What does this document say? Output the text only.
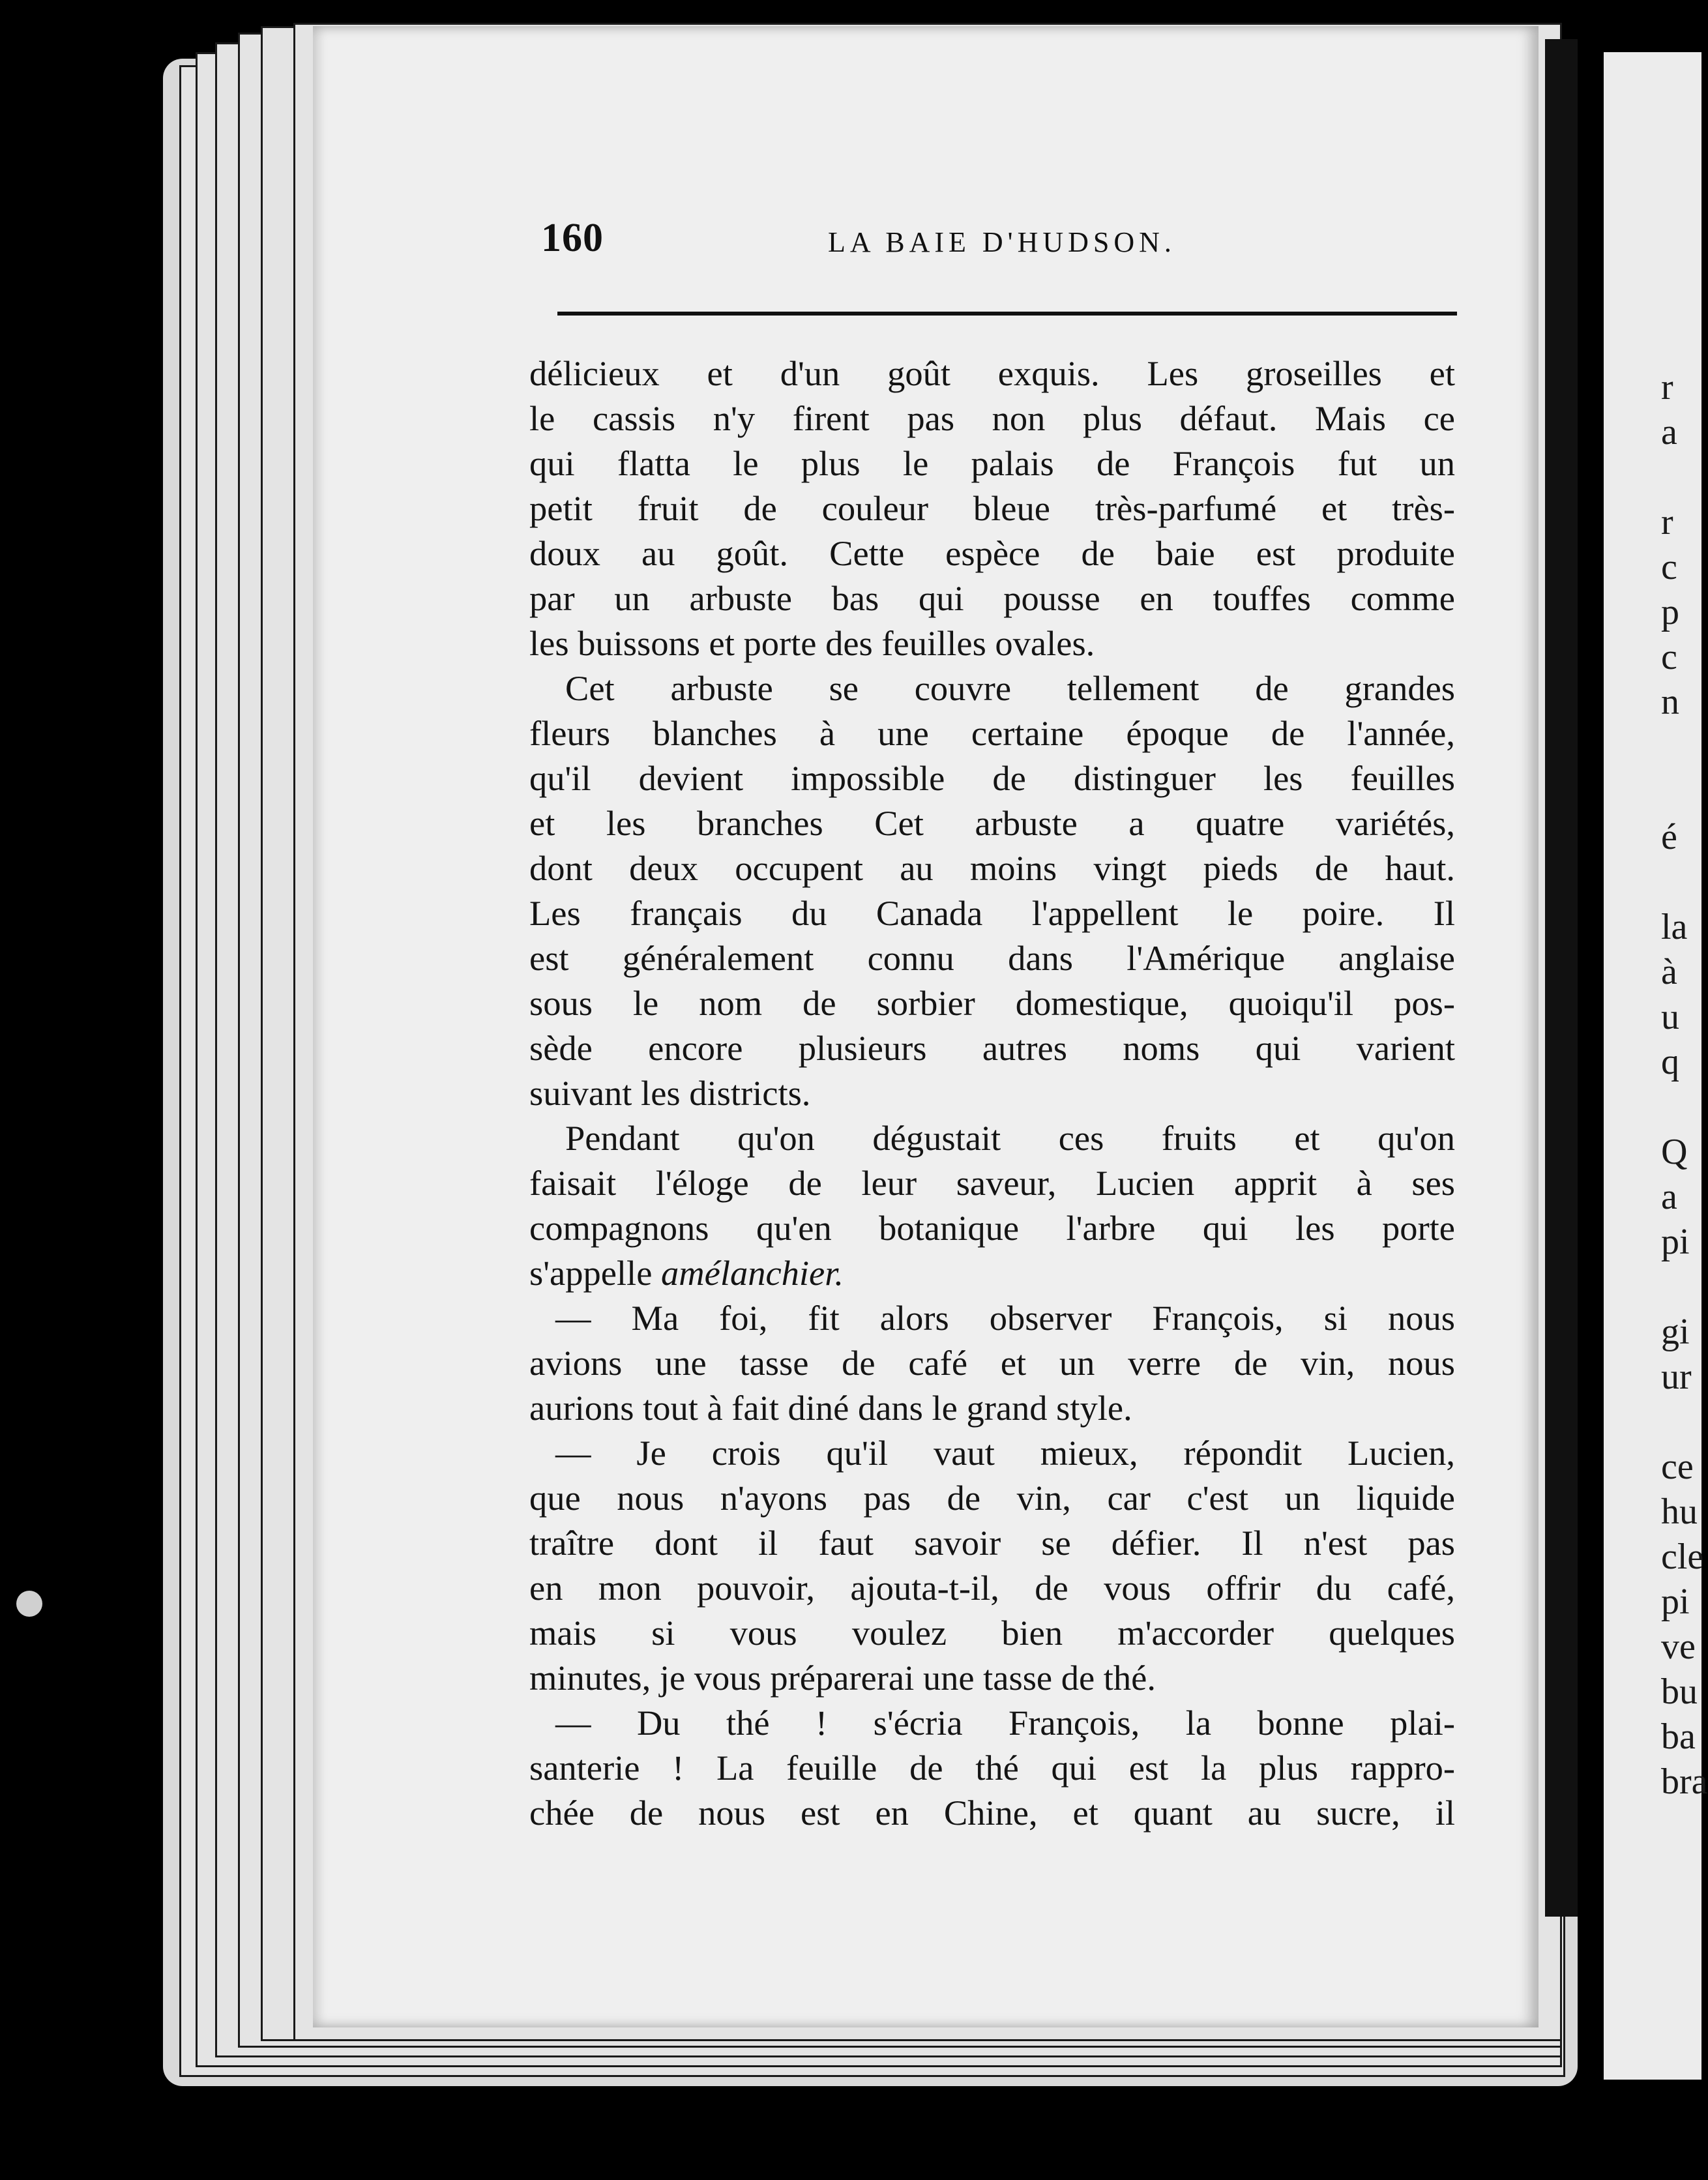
r
a

r
c
p
c
n

é

la
à
u
q

Q
a
pi

gi
ur

ce
hu
cle
pi
ve
bu
ba
bra
160	LA BAIE D'HUDSON.
délicieux et d'un goût exquis. Les groseilles et
le cassis n'y firent pas non plus défaut. Mais ce
qui flatta le plus le palais de François fut un
petit fruit de couleur bleue très-parfumé et très-
doux au goût. Cette espèce de baie est produite
par un arbuste bas qui pousse en touffes comme
les buissons et porte des feuilles ovales.
Cet arbuste se couvre tellement de grandes
fleurs blanches à une certaine époque de l'année,
qu'il devient impossible de distinguer les feuilles
et les branches Cet arbuste a quatre variétés,
dont deux occupent au moins vingt pieds de haut.
Les français du Canada l'appellent le poire. Il
est généralement connu dans l'Amérique anglaise
sous le nom de sorbier domestique, quoiqu'il pos-
sède encore plusieurs autres noms qui varient
suivant les districts.
Pendant qu'on dégustait ces fruits et qu'on
faisait l'éloge de leur saveur, Lucien apprit à ses
compagnons qu'en botanique l'arbre qui les porte
s'appelle amélanchier.
— Ma foi, fit alors observer François, si nous
avions une tasse de café et un verre de vin, nous
aurions tout à fait diné dans le grand style.
— Je crois qu'il vaut mieux, répondit Lucien,
que nous n'ayons pas de vin, car c'est un liquide
traître dont il faut savoir se défier. Il n'est pas
en mon pouvoir, ajouta-t-il, de vous offrir du café,
mais si vous voulez bien m'accorder quelques
minutes, je vous préparerai une tasse de thé.
— Du thé ! s'écria François, la bonne plai-
santerie ! La feuille de thé qui est la plus rappro-
chée de nous est en Chine, et quant au sucre, il
